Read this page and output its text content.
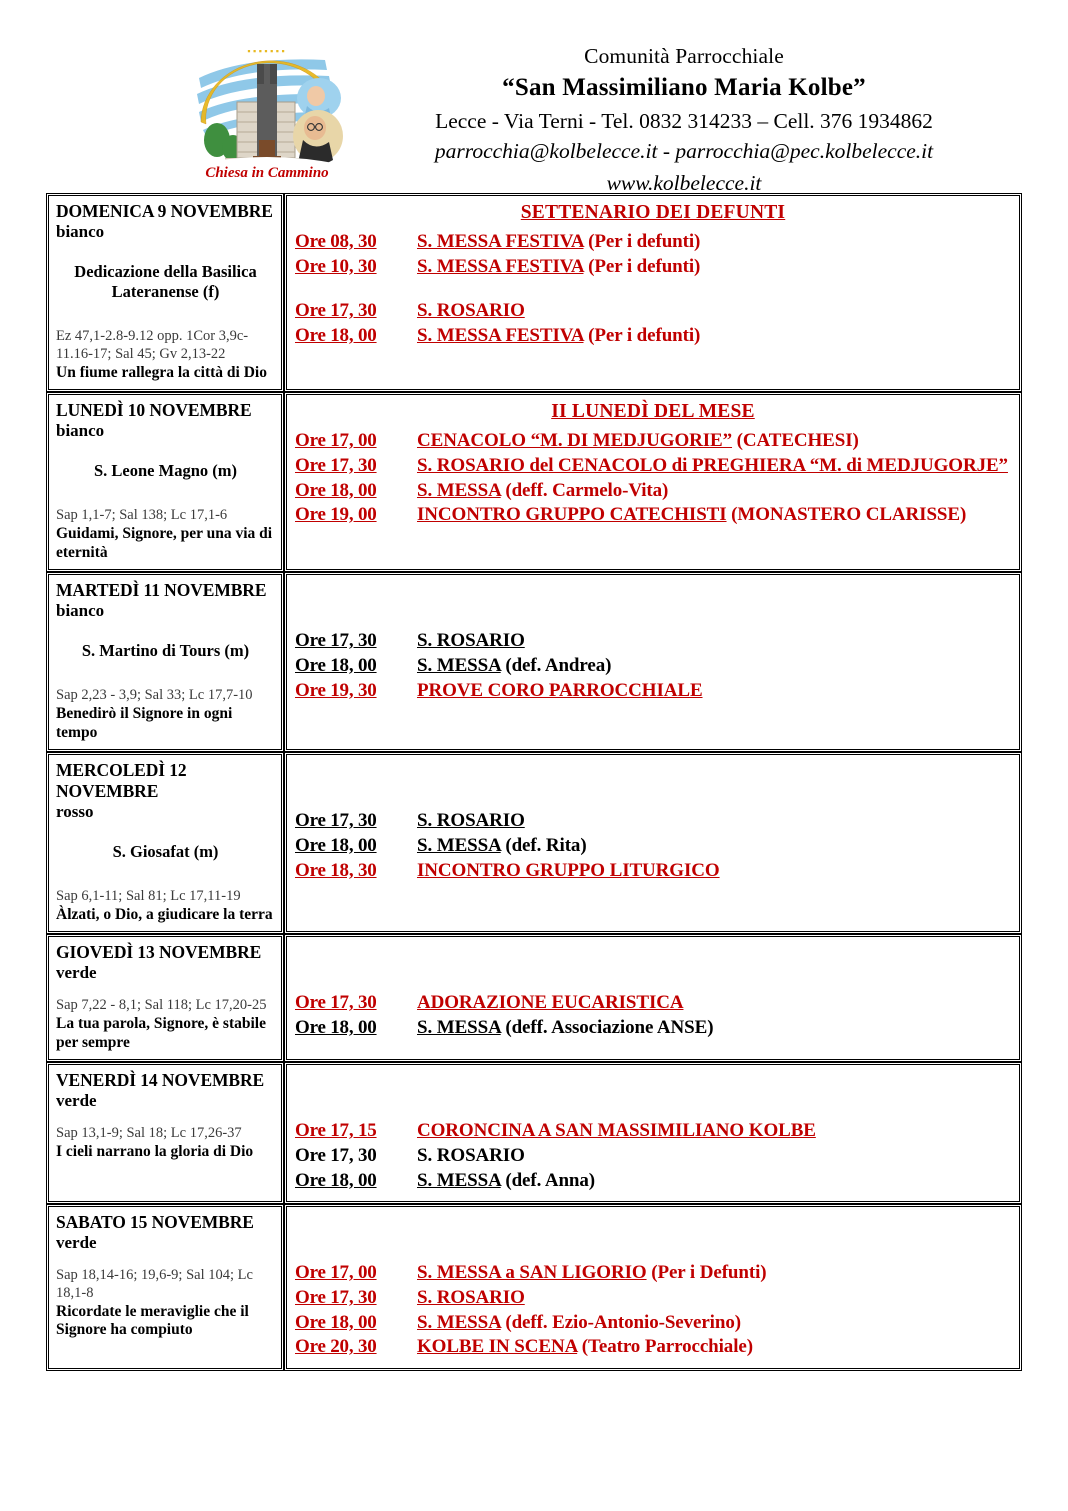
▪ ▪ ▪ ▪ ▪ ▪ ▪
Chiesa in Cammino
Comunità Parrocchiale
“San Massimiliano Maria Kolbe”
Lecce - Via Terni - Tel. 0832 314233 – Cell. 376 1934862
parrocchia@kolbelecce.it - parrocchia@pec.kolbelecce.it
www.kolbelecce.it
DOMENICA 9 NOVEMBRE
bianco
Dedicazione della Basilica Lateranense (f)
Ez 47,1-2.8-9.12 opp. 1Cor 3,9c-11.16-17; Sal 45; Gv 2,13-22
Un fiume rallegra la città di Dio

SETTENARIO DEI DEFUNTI
Ore 08, 30	S. MESSA FESTIVA (Per i defunti)
Ore 10, 30	S. MESSA FESTIVA (Per i defunti)
Ore 17, 30	S. ROSARIO
Ore 18, 00	S. MESSA FESTIVA (Per i defunti)

LUNEDÌ 10 NOVEMBRE
bianco
S. Leone Magno (m)
Sap 1,1-7; Sal 138; Lc 17,1-6
Guidami, Signore, per una via di eternità

II LUNEDÌ DEL MESE
Ore 17, 00	CENACOLO “M. DI MEDJUGORIE” (CATECHESI)
Ore 17, 30	S. ROSARIO del CENACOLO di PREGHIERA “M. di MEDJUGORJE”
Ore 18, 00	S. MESSA (deff. Carmelo-Vita)
Ore 19, 00	INCONTRO GRUPPO CATECHISTI (MONASTERO CLARISSE)

MARTEDÌ 11 NOVEMBRE
bianco
S. Martino di Tours (m)
Sap 2,23 - 3,9; Sal 33; Lc 17,7-10
Benedirò il Signore in ogni tempo

Ore 17, 30	S. ROSARIO
Ore 18, 00	S. MESSA (def. Andrea)
Ore 19, 30	PROVE CORO PARROCCHIALE

MERCOLEDÌ 12 NOVEMBRE
rosso
S. Giosafat (m)
Sap 6,1-11; Sal 81; Lc 17,11-19
Àlzati, o Dio, a giudicare la terra

Ore 17, 30	S. ROSARIO
Ore 18, 00	S. MESSA (def. Rita)
Ore 18, 30	INCONTRO GRUPPO LITURGICO

GIOVEDÌ 13 NOVEMBRE
verde
Sap 7,22 - 8,1; Sal 118; Lc 17,20-25
La tua parola, Signore, è stabile per sempre

Ore 17, 30	ADORAZIONE EUCARISTICA
Ore 18, 00	S. MESSA (deff. Associazione ANSE)

VENERDÌ 14 NOVEMBRE
verde
Sap 13,1-9; Sal 18; Lc 17,26-37
I cieli narrano la gloria di Dio

Ore 17, 15	CORONCINA A SAN MASSIMILIANO KOLBE
Ore 17, 30	S. ROSARIO
Ore 18, 00	S. MESSA (def. Anna)

SABATO 15 NOVEMBRE
verde
Sap 18,14-16; 19,6-9; Sal 104; Lc 18,1-8
Ricordate le meraviglie che il Signore ha compiuto

Ore 17, 00	S. MESSA a SAN LIGORIO (Per i Defunti)
Ore 17, 30	S. ROSARIO
Ore 18, 00	S. MESSA (deff. Ezio-Antonio-Severino)
Ore 20, 30	KOLBE IN SCENA (Teatro Parrocchiale)
